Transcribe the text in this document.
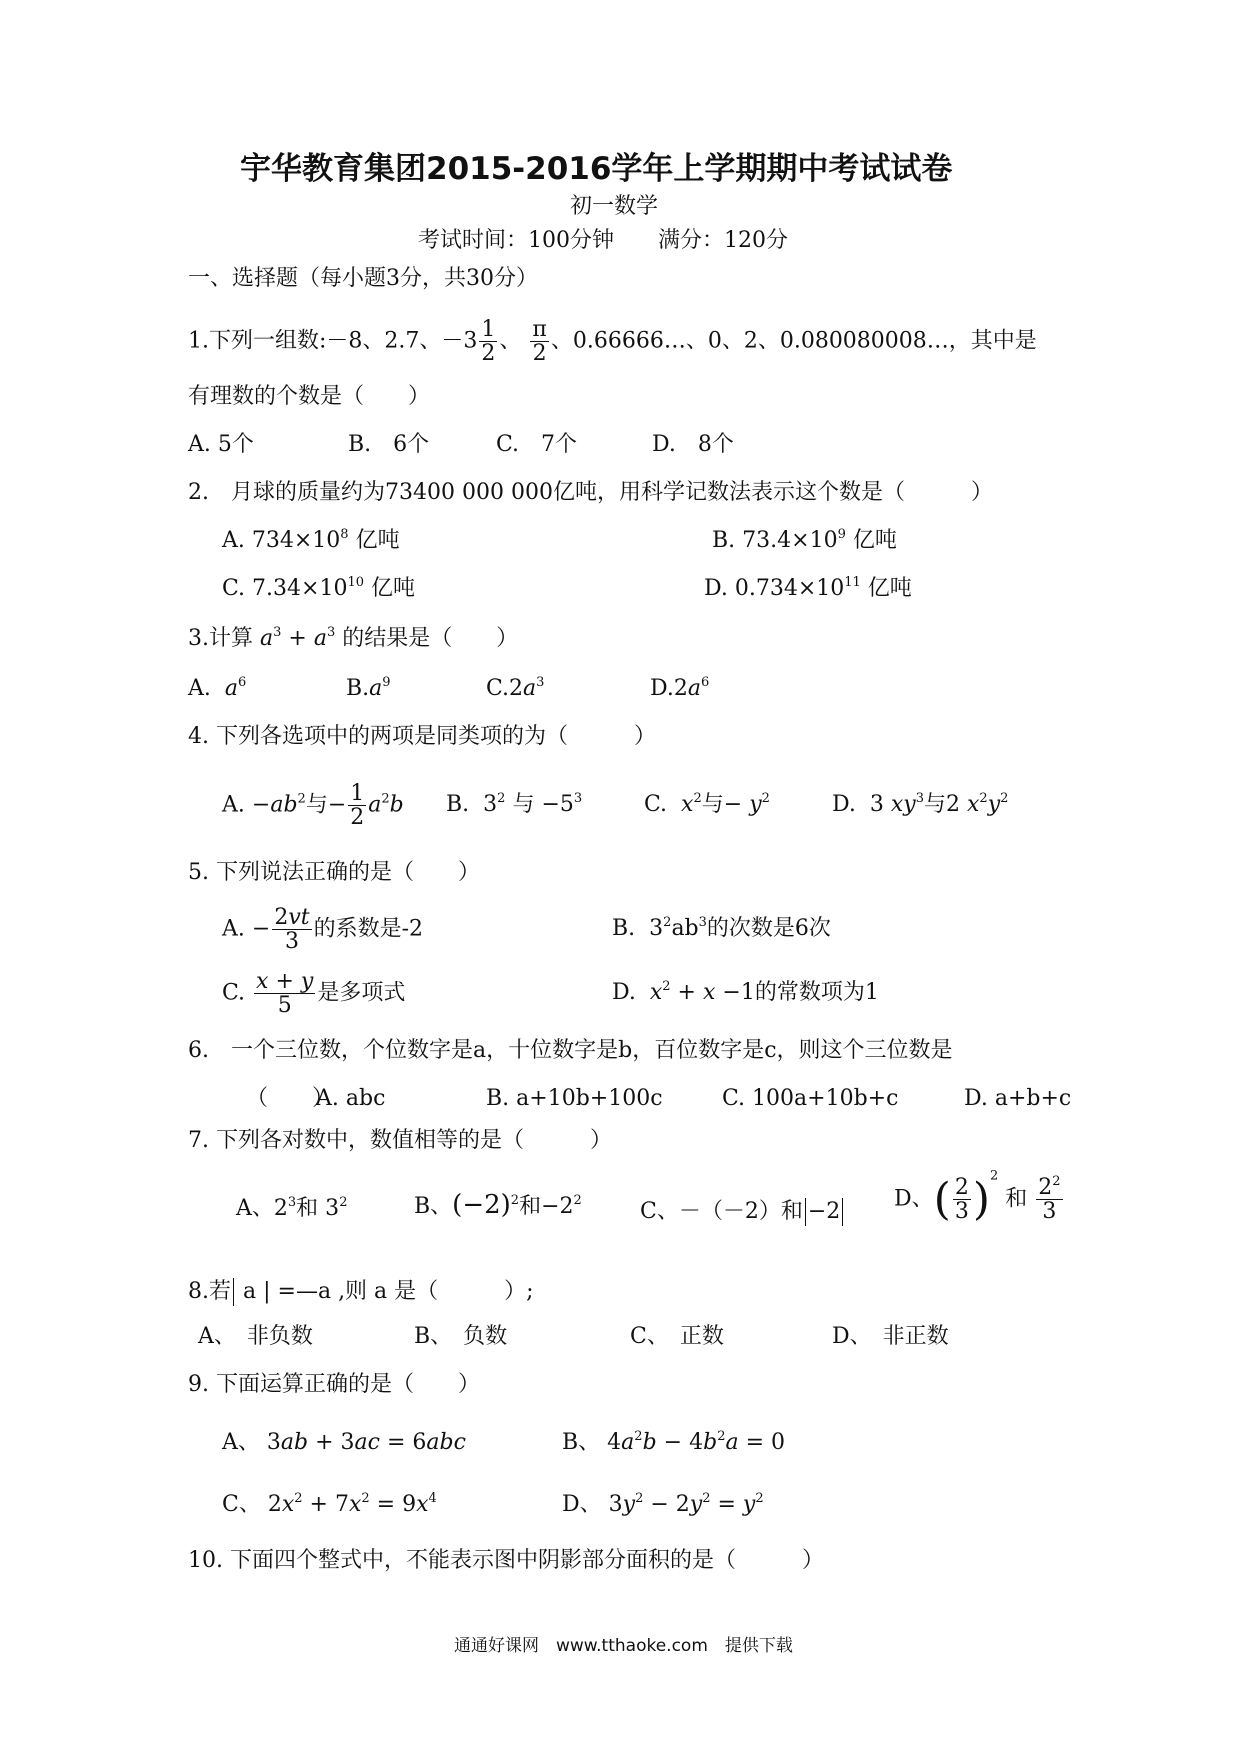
宇华教育集团2015-2016学年上学期期中考试试卷
初一数学
考试时间：100分钟　　满分：120分
一、选择题（每小题3分，共30分）
1.下列一组数:－8、2.7、$-3 \frac{1}{2}$ 、 $\frac{\pi}{2}$ 、0.66666…、0、2、0.080080008…，其中是
有理数的个数是（　　）
A. 5个	B.　6个	C.　7个	D.　8个
2.　月球的质量约为73400 000 000亿吨，用科学记数法表示这个数是（　　　）
A. $734\times 10^8$ 亿吨	B. $73.4\times 10^9$ 亿吨
C. $7.34\times 10^{10}$ 亿吨	D. $0.734\times 10^{11}$ 亿吨
3.计算 $a^3 + a^3$ 的结果是（　　）
A. $a^6$	$B.a^9$	$C.2a^3$	$D.2a^6$
4. 下列各选项中的两项是同类项的为（　　　）
A. $-ab^2$与− $\frac{1}{2} a^2b$ B.  $3^2$ 与 $-5^3$	C. $x^2$与− $y^2$	D.  3 $xy^3$与2 $x^2y^2$
5. 下列说法正确的是（　　）
A. − $\frac{2vt}{3}$ 的系数是-2	B.  $3^2ab^3$的次数是6次
C. $\frac{x + y}{5}$ 是多项式	D. $x^2 + x -1$的常数项为1
6.　一个三位数，个位数字是a，十位数字是b，百位数字是c，则这个三位数是
（　　）
A. abc	B. a+10b+100c	C. 100a+10b+c	D. a+b+c
7. 下列各对数中，数值相等的是（　　　）
A、$2^3$和 $3^2$	B、$(-2)^2$和$-2^2$	C、－（－2）和 −2 D、( $\frac{2}{3} )^2$ 和 $\frac{2^2}{3}$
8.若 a | =—a ,则 a 是（　　　）;
A、　非负数	B、　负数	C、　正数	D、　非正数
9. 下面运算正确的是（　　）
A、 3ab + 3ac = 6abc	B、 $4a^2b - 4b^2a = 0$
C、 $2x^2 + 7x^2 = 9x^4$	D、 $3y^2 - 2y^2 = y^2$
10. 下面四个整式中，不能表示图中阴影部分面积的是（　　　）
通通好课网　www.tthaoke.com　提供下载
